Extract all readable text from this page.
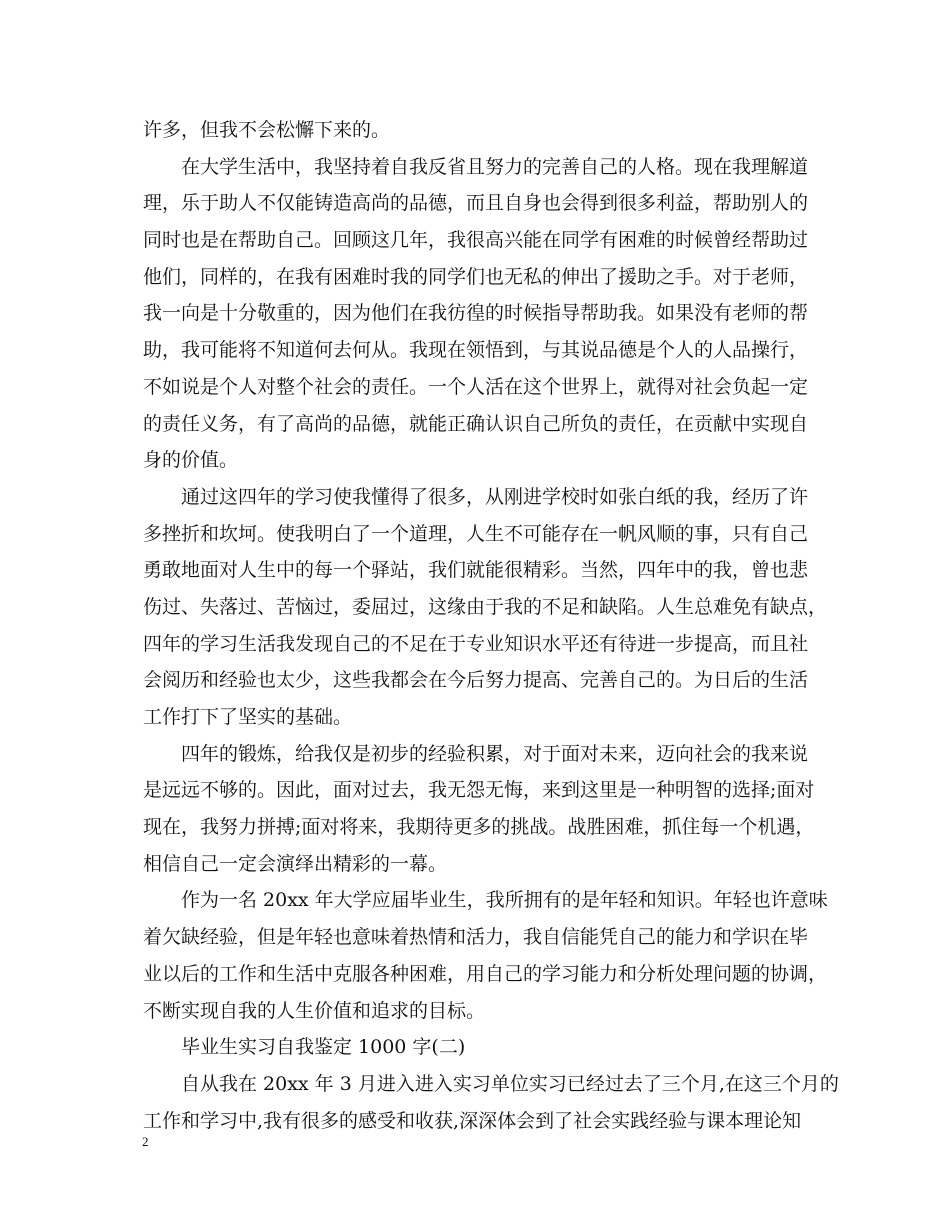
许多，但我不会松懈下来的。
　　在大学生活中，我坚持着自我反省且努力的完善自己的人格。现在我理解道
理，乐于助人不仅能铸造高尚的品德，而且自身也会得到很多利益，帮助别人的
同时也是在帮助自己。回顾这几年，我很高兴能在同学有困难的时候曾经帮助过
他们，同样的，在我有困难时我的同学们也无私的伸出了援助之手。对于老师，
我一向是十分敬重的，因为他们在我彷徨的时候指导帮助我。如果没有老师的帮
助，我可能将不知道何去何从。我现在领悟到，与其说品德是个人的人品操行，
不如说是个人对整个社会的责任。一个人活在这个世界上，就得对社会负起一定
的责任义务，有了高尚的品德，就能正确认识自己所负的责任，在贡献中实现自
身的价值。
　　通过这四年的学习使我懂得了很多，从刚进学校时如张白纸的我，经历了许
多挫折和坎坷。使我明白了一个道理，人生不可能存在一帆风顺的事，只有自己
勇敢地面对人生中的每一个驿站，我们就能很精彩。当然，四年中的我，曾也悲
伤过、失落过、苦恼过，委屈过，这缘由于我的不足和缺陷。人生总难免有缺点，
四年的学习生活我发现自己的不足在于专业知识水平还有待进一步提高，而且社
会阅历和经验也太少，这些我都会在今后努力提高、完善自己的。为日后的生活
工作打下了坚实的基础。
　　四年的锻炼，给我仅是初步的经验积累，对于面对未来，迈向社会的我来说
是远远不够的。因此，面对过去，我无怨无悔，来到这里是一种明智的选择;面对
现在，我努力拼搏;面对将来，我期待更多的挑战。战胜困难，抓住每一个机遇，
相信自己一定会演绎出精彩的一幕。
　　作为一名 20xx 年大学应届毕业生，我所拥有的是年轻和知识。年轻也许意味
着欠缺经验，但是年轻也意味着热情和活力，我自信能凭自己的能力和学识在毕
业以后的工作和生活中克服各种困难，用自己的学习能力和分析处理问题的协调，
不断实现自我的人生价值和追求的目标。
　　毕业生实习自我鉴定 1000 字(二)
　　自从我在 20xx 年 3 月进入进入实习单位实习已经过去了三个月,在这三个月的
工作和学习中,我有很多的感受和收获,深深体会到了社会实践经验与课本理论知
2
